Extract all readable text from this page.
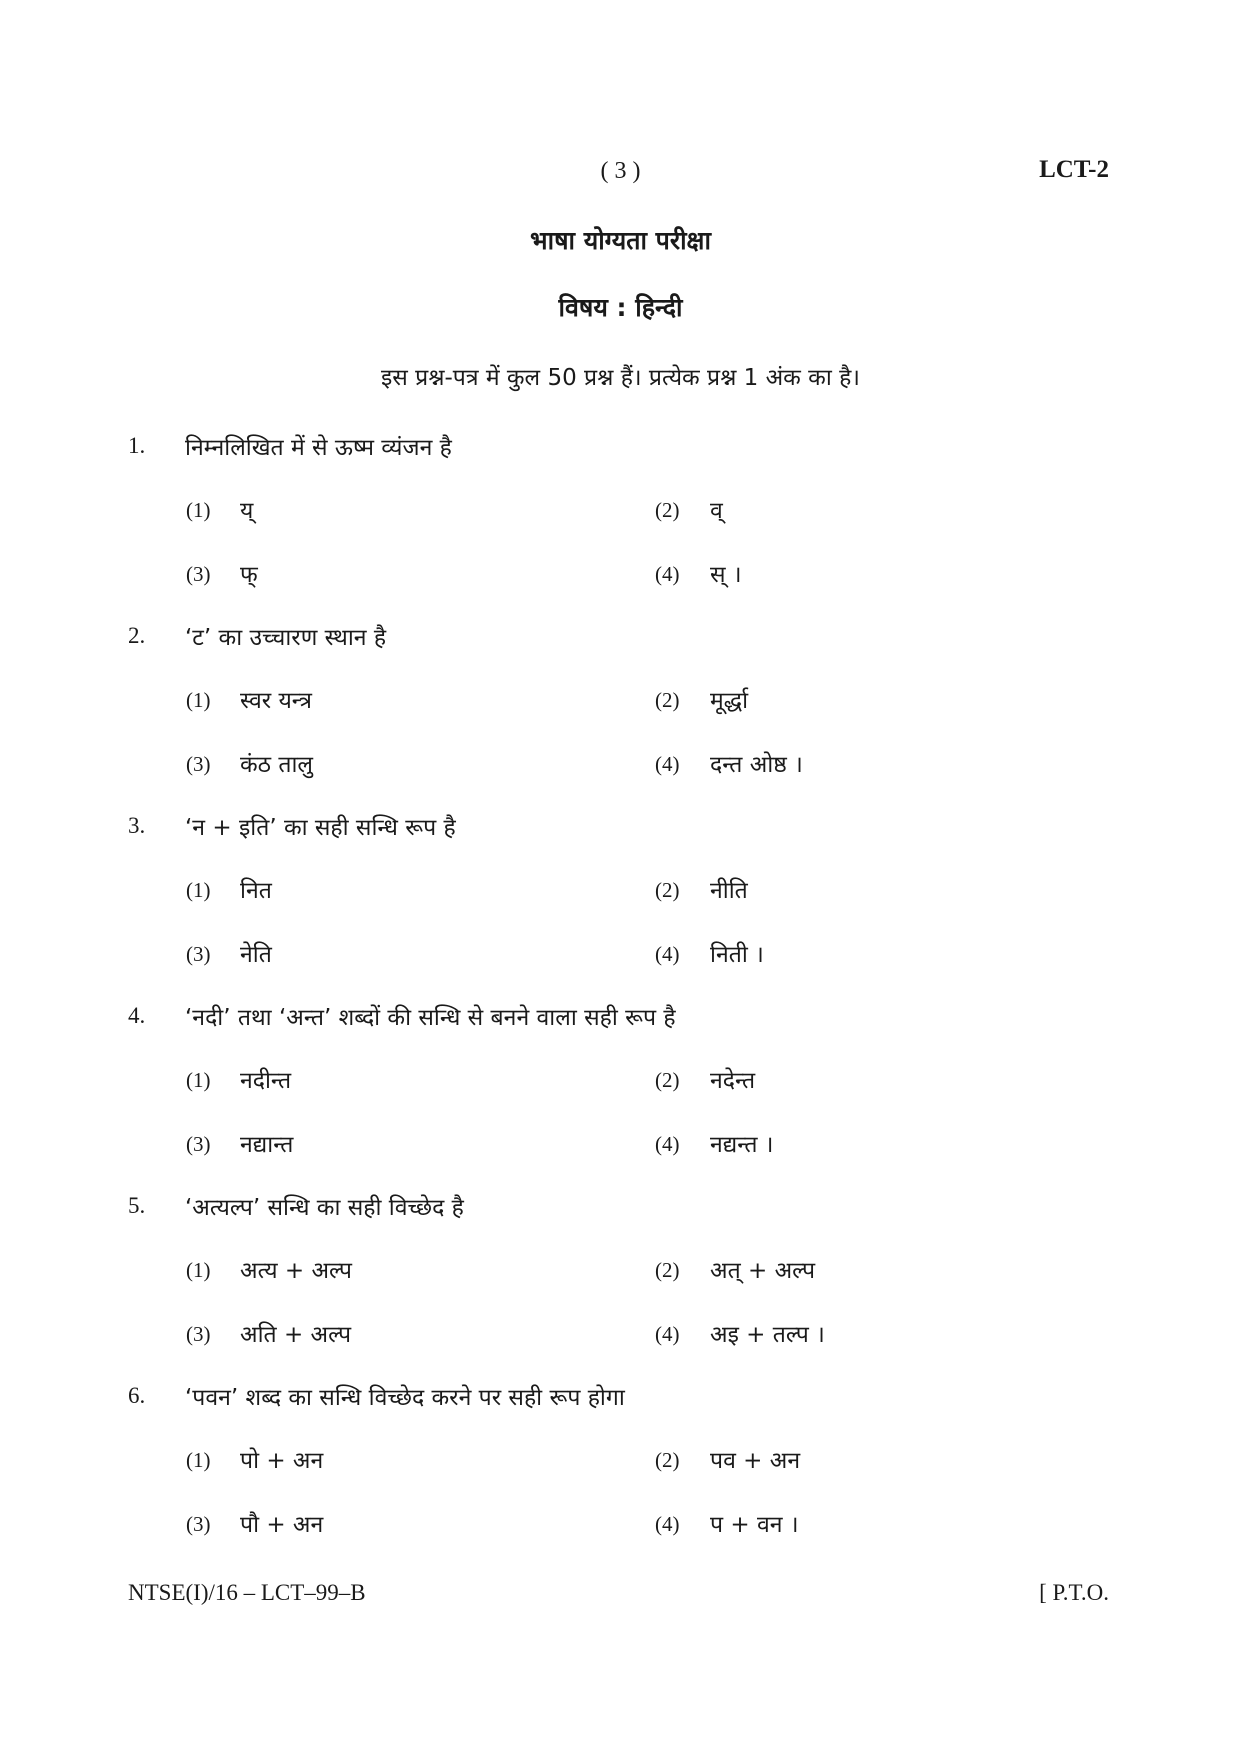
( 3 )	LCT-2
भाषा योग्यता परीक्षा
विषय : हिन्दी
इस प्रश्न-पत्र में कुल 50 प्रश्न हैं। प्रत्येक प्रश्न 1 अंक का है।
1. निम्नलिखित में से ऊष्म व्यंजन है
(1) य्	(2) व्
(3) फ्	(4) स् ।
2. ‘ट’ का उच्चारण स्थान है
(1) स्वर यन्त्र	(2) मूर्द्धा
(3) कंठ तालु	(4) दन्त ओष्ठ ।
3. ‘न + इति’ का सही सन्धि रूप है
(1) नित	(2) नीति
(3) नेति	(4) निती ।
4. ‘नदी’ तथा ‘अन्त’ शब्दों की सन्धि से बनने वाला सही रूप है
(1) नदीन्त	(2) नदेन्त
(3) नद्यान्त	(4) नद्यन्त ।
5. ‘अत्यल्प’ सन्धि का सही विच्छेद है
(1) अत्य + अल्प	(2) अत् + अल्प
(3) अति + अल्प	(4) अइ + तल्प ।
6. ‘पवन’ शब्द का सन्धि विच्छेद करने पर सही रूप होगा
(1) पो + अन	(2) पव + अन
(3) पौ + अन	(4) प + वन ।
NTSE(I)/16 – LCT–99–B	[ P.T.O.
